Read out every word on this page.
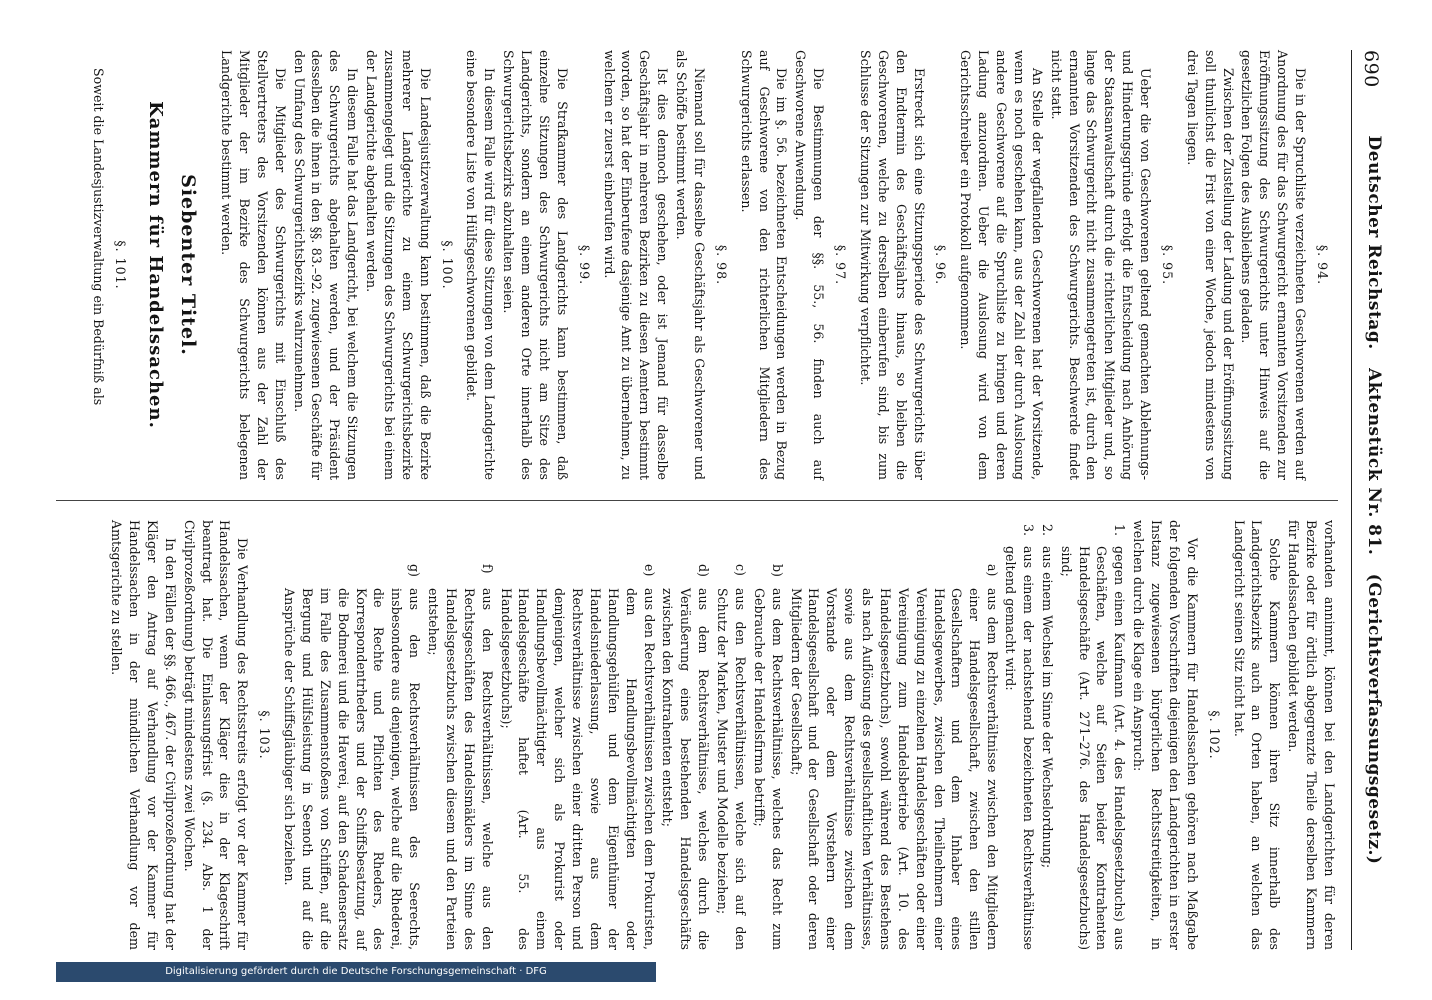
690
Deutscher Reichstag. Aktenstück Nr. 81. (Gerichtsverfassungsgesetz.)
§. 94.

Die in der Spruchliste verzeichneten Geschworenen werden auf Anordnung des für das Schwurgericht ernannten Vorsitzenden zur Eröffnungssitzung des Schwurgerichts unter Hinweis auf die gesetzlichen Folgen des Ausbleibens geladen.

Zwischen der Zustellung der Ladung und der Eröffnungssitzung soll thunlichst die Frist von einer Woche, jedoch mindestens von drei Tagen liegen.

§. 95.

Ueber die von Geschworenen geltend gemachten Ablehnungs- und Hinderungsgründe erfolgt die Entscheidung nach Anhörung der Staatsanwaltschaft durch die richterlichen Mitglieder und, so lange das Schwurgericht nicht zusammengetreten ist, durch den ernannten Vorsitzenden des Schwurgerichts. Beschwerde findet nicht statt.

An Stelle der wegfallenden Geschworenen hat der Vorsitzende, wenn es noch geschehen kann, aus der Zahl der durch Auslosung andere Geschworene auf die Spruchliste zu bringen und deren Ladung anzuordnen. Ueber die Auslosung wird von dem Gerichtsschreiber ein Protokoll aufgenommen.

§. 96.

Erstreckt sich eine Sitzungsperiode des Schwurgerichts über den Endtermin des Geschäftsjahrs hinaus, so bleiben die Geschworenen, welche zu derselben einberufen sind, bis zum Schlusse der Sitzungen zur Mitwirkung verpflichtet.

§. 97.

Die Bestimmungen der §§. 55., 56. finden auch auf Geschworene Anwendung.

Die im §. 56. bezeichneten Entscheidungen werden in Bezug auf Geschworene von den richterlichen Mitgliedern des Schwurgerichts erlassen.

§. 98.

Niemand soll für dasselbe Geschäftsjahr als Geschworener und als Schöffe bestimmt werden.

Ist dies dennoch geschehen, oder ist Jemand für dasselbe Geschäftsjahr in mehreren Bezirken zu diesen Aemtern bestimmt worden, so hat der Einberufene dasjenige Amt zu übernehmen, zu welchem er zuerst einberufen wird.

§. 99.

Die Strafkammer des Landgerichts kann bestimmen, daß einzelne Sitzungen des Schwurgerichts nicht am Sitze des Landgerichts, sondern an einem anderen Orte innerhalb des Schwurgerichtsbezirks abzuhalten seien.

In diesem Falle wird für diese Sitzungen von dem Landgerichte eine besondere Liste von Hülfsgeschworenen gebildet.

§. 100.

Die Landesjustizverwaltung kann bestimmen, daß die Bezirke mehrerer Landgerichte zu einem Schwurgerichtsbezirke zusammengelegt und die Sitzungen des Schwurgerichts bei einem der Landgerichte abgehalten werden.

In diesem Falle hat das Landgericht, bei welchem die Sitzungen des Schwurgerichts abgehalten werden, und der Präsident desselben die ihnen in den §§. 83.–92. zugewiesenen Geschäfte für den Umfang des Schwurgerichtsbezirks wahrzunehmen.

Die Mitglieder des Schwurgerichts mit Einschluß des Stellvertreters des Vorsitzenden können aus der Zahl der Mitglieder der im Bezirke des Schwurgerichts belegenen Landgerichte bestimmt werden.

Siebenter Titel.
Kammern für Handelssachen.
§. 101.

Soweit die Landesjustizverwaltung ein Bedürfniß als

vorhanden annimmt, können bei den Landgerichten für deren Bezirke oder für örtlich abgegrenzte Theile derselben Kammern für Handelssachen gebildet werden.

Solche Kammern können ihren Sitz innerhalb des Landgerichtsbezirks auch an Orten haben, an welchen das Landgericht seinen Sitz nicht hat.

§. 102.

Vor die Kammern für Handelssachen gehören nach Maßgabe der folgenden Vorschriften diejenigen den Landgerichten in erster Instanz zugewiesenen bürgerlichen Rechtsstreitigkeiten, in welchen durch die Klage ein Anspruch:

1.gegen einen Kaufmann (Art. 4. des Handelsgesetzbuchs) aus Geschäften, welche auf Seiten beider Kontrahenten Handelsgeschäfte (Art. 271–276. des Handelsgesetzbuchs) sind;
2.aus einem Wechsel im Sinne der Wechselordnung;
3.aus einem der nachstehend bezeichneten Rechtsverhältnisse geltend gemacht wird:
a)aus dem Rechtsverhältnisse zwischen den Mitgliedern einer Handelsgesellschaft, zwischen den stillen Gesellschaftern und dem Inhaber eines Handelsgewerbes, zwischen den Theilnehmern einer Vereinigung zu einzelnen Handelsgeschäften oder einer Vereinigung zum Handelsbetriebe (Art. 10. des Handelsgesetzbuchs), sowohl während des Bestehens als nach Auflösung des gesellschaftlichen Verhältnisses, sowie aus dem Rechtsverhältnisse zwischen dem Vorstande oder dem Vorstehern einer Handelsgesellschaft und der Gesellschaft oder deren Mitgliedern der Gesellschaft;
b)aus dem Rechtsverhältnisse, welches das Recht zum Gebrauche der Handelsfirma betrifft;
c)aus den Rechtsverhältnissen, welche sich auf den Schutz der Marken, Muster und Modelle beziehen;
d)aus dem Rechtsverhältnisse, welches durch die Veräußerung eines bestehenden Handelsgeschäfts zwischen den Kontrahenten entsteht;
e)aus den Rechtsverhältnissen zwischen dem Prokuristen, dem Handlungsbevollmächtigten oder Handlungsgehülfen und dem Eigenthümer der Handelsniederlassung, sowie aus dem Rechtsverhältnisse zwischen einer dritten Person und demjenigen, welcher sich als Prokurist oder Handlungsbevollmächtigter aus einem Handelsgeschäfte haftet (Art. 55. des Handelsgesetzbuchs);
f)aus den Rechtsverhältnissen, welche aus den Rechtsgeschäften des Handelsmäklers im Sinne des Handelsgesetzbuchs zwischen diesem und den Parteien entstehen;
g)aus den Rechtsverhältnissen des Seerechts, insbesondere aus denjenigen, welche auf die Rhederei, die Rechte und Pflichten des Rheders, des Korrespondentrheders und der Schiffsbesatzung, auf die Bodmerei und die Haverei, auf den Schadensersatz im Falle des Zusammenstoßens von Schiffen, auf die Bergung und Hülfsleistung in Seenoth und auf die Ansprüche der Schiffsgläubiger sich beziehen.
§. 103.

Die Verhandlung des Rechtsstreits erfolgt vor der Kammer für Handelssachen, wenn der Kläger dies in der Klageschrift beantragt hat. Die Einlassungsfrist (§. 234. Abs. 1 der Civilprozeßordnung) beträgt mindestens zwei Wochen.

In den Fällen der §§. 466., 467. der Civilprozeßordnung hat der Kläger den Antrag auf Verhandlung vor der Kammer für Handelssachen in der mündlichen Verhandlung vor dem Amtsgerichte zu stellen.

Digitalisierung gefördert durch die Deutsche Forschungsgemeinschaft · DFG
